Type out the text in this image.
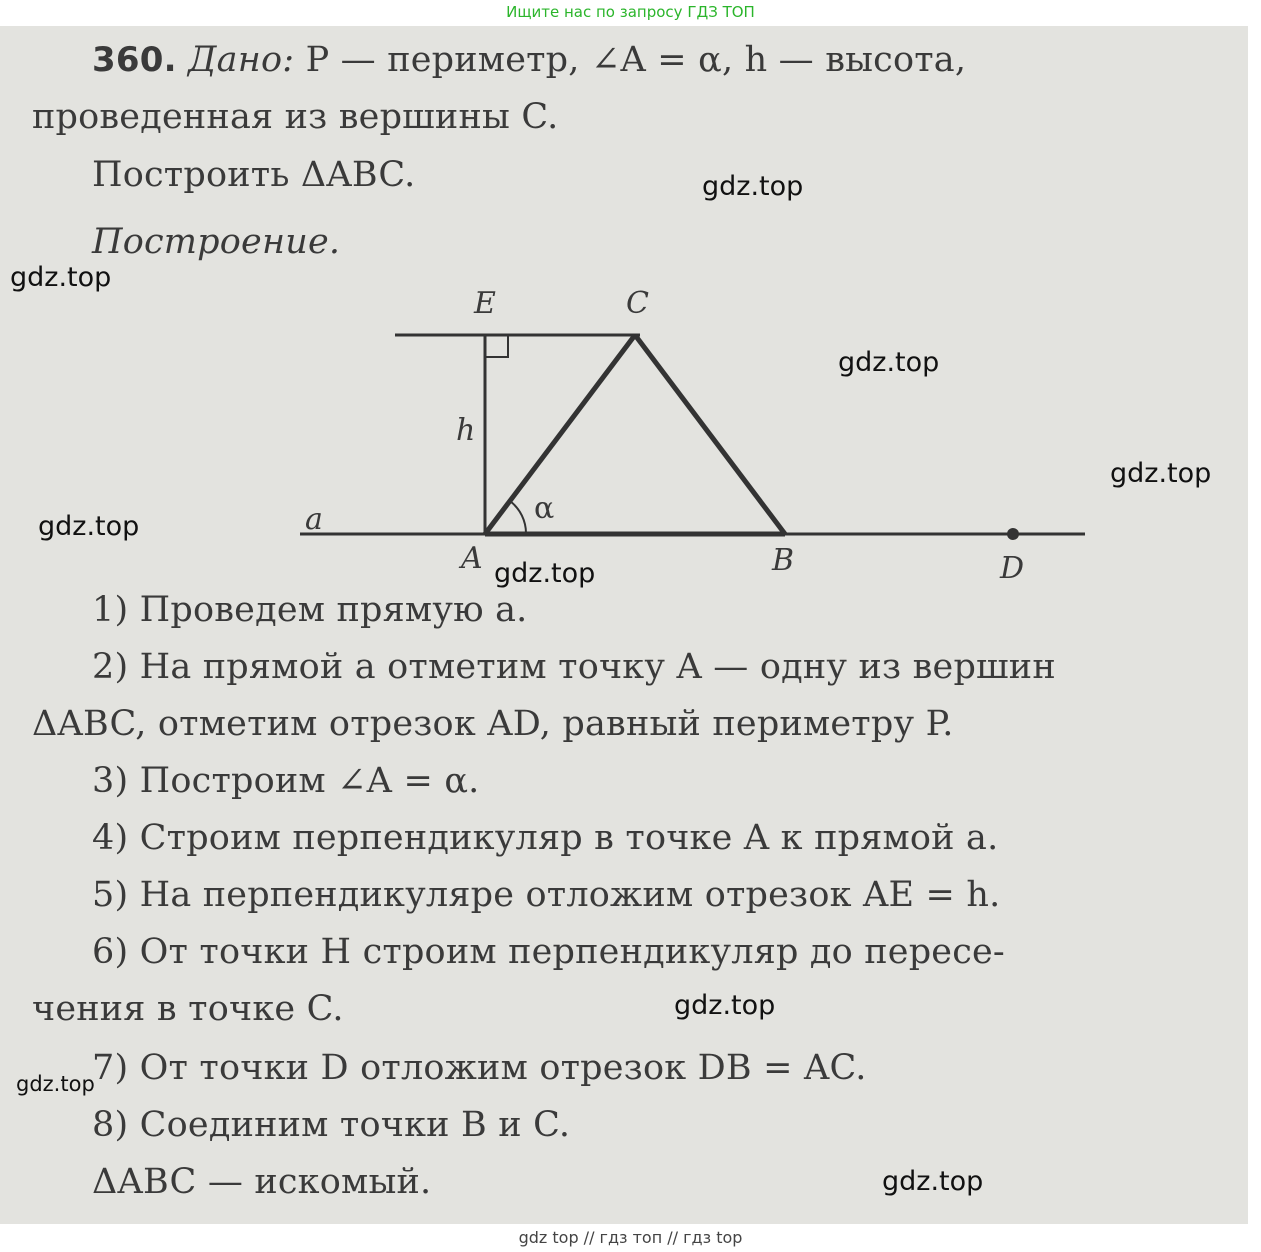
Ищите нас по запросу ГДЗ ТОП
360. Дано: P — периметр, ∠A = α, h — высота,
проведенная из вершины C.
Построить ΔABC.
Построение.
E	C
h
a	α
A	B	D
1) Проведем прямую a.
2) На прямой a отметим точку A — одну из вершин
ΔABC, отметим отрезок AD, равный периметру P.
3) Построим ∠A = α.
4) Строим перпендикуляр в точке A к прямой a.
5) На перпендикуляре отложим отрезок AE = h.
6) От точки H строим перпендикуляр до пересе-
чения в точке C.
7) От точки D отложим отрезок DB = AC.
8) Соединим точки B и C.
ΔABC — искомый.
gdz.top
gdz.top
gdz.top
gdz.top
gdz.top
gdz.top
gdz.top
gdz.top
gdz.top
gdz top // гдз топ // гдз top
